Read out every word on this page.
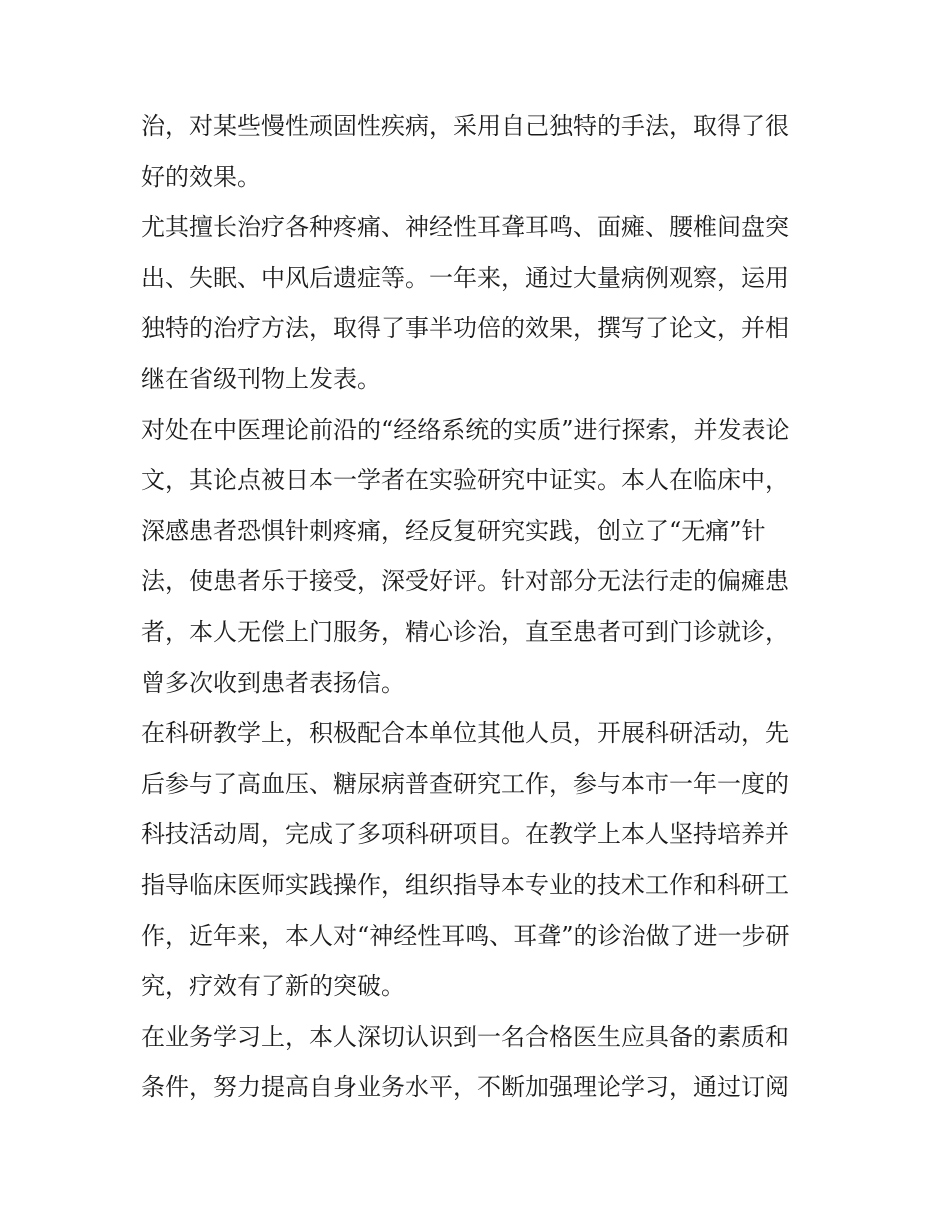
治，对某些慢性顽固性疾病，采用自己独特的手法，取得了很
好的效果。
尤其擅长治疗各种疼痛、神经性耳聋耳鸣、面瘫、腰椎间盘突
出、失眠、中风后遗症等。一年来，通过大量病例观察，运用
独特的治疗方法，取得了事半功倍的效果，撰写了论文，并相
继在省级刊物上发表。
对处在中医理论前沿的“经络系统的实质”进行探索，并发表论
文，其论点被日本一学者在实验研究中证实。本人在临床中，
深感患者恐惧针刺疼痛，经反复研究实践，创立了“无痛”针
法，使患者乐于接受，深受好评。针对部分无法行走的偏瘫患
者，本人无偿上门服务，精心诊治，直至患者可到门诊就诊，
曾多次收到患者表扬信。
在科研教学上，积极配合本单位其他人员，开展科研活动，先
后参与了高血压、糖尿病普查研究工作，参与本市一年一度的
科技活动周，完成了多项科研项目。在教学上本人坚持培养并
指导临床医师实践操作，组织指导本专业的技术工作和科研工
作，近年来，本人对“神经性耳鸣、耳聋”的诊治做了进一步研
究，疗效有了新的突破。
在业务学习上，本人深切认识到一名合格医生应具备的素质和
条件，努力提高自身业务水平，不断加强理论学习，通过订阅
